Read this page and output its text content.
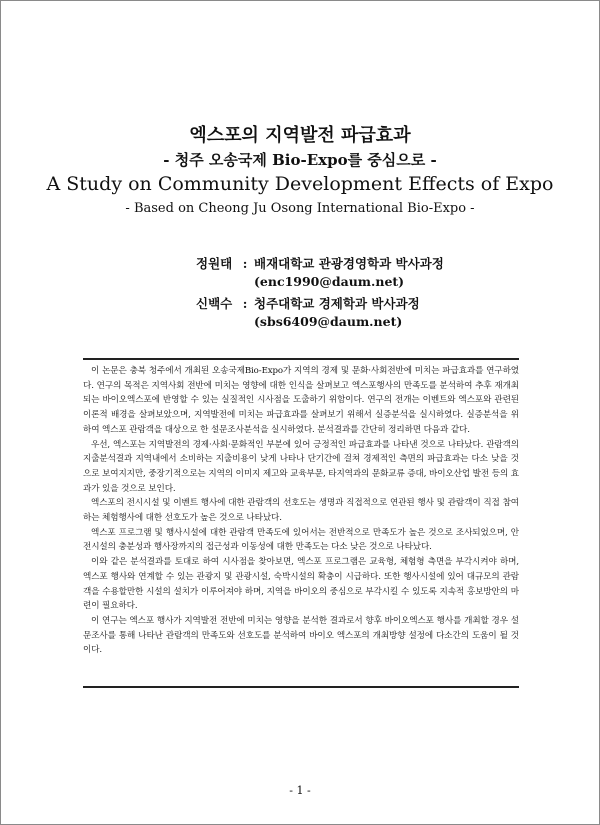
엑스포의 지역발전 파급효과
- 청주 오송국제 Bio-Expo를 중심으로 -
A Study on Community Development Effects of Expo
- Based on Cheong Ju Osong International Bio-Expo -
정원태 : 배재대학교 관광경영학과 박사과정
(enc1990@daum.net)
신백수 : 청주대학교 경제학과 박사과정
(sbs6409@daum.net)

이 논문은 충북 청주에서 개최된 오송국제Bio-Expo가 지역의 경제 및 문화·사회전반에 미치는 파급효과를 연구하였다. 연구의 목적은 지역사회 전반에 미치는 영향에 대한 인식을 살펴보고 엑스포행사의 만족도를 분석하여 추후 재개최되는 바이오엑스포에 반영할 수 있는 실질적인 시사점을 도출하기 위함이다. 연구의 전개는 이벤트와 엑스포와 관련된 이론적 배경을 살펴보았으며, 지역발전에 미치는 파급효과를 살펴보기 위해서 실증분석을 실시하였다. 실증분석을 위하여 엑스포 관람객을 대상으로 한 설문조사분석을 실시하였다. 분석결과를 간단히 정리하면 다음과 같다.

우선, 엑스포는 지역발전의 경제·사회·문화적인 부분에 있어 긍정적인 파급효과를 나타낸 것으로 나타났다. 관람객의 지출분석결과 지역내에서 소비하는 지출비용이 낮게 나타나 단기간에 걸쳐 경제적인 측면의 파급효과는 다소 낮을 것으로 보여지지만, 중장기적으로는 지역의 이미지 제고와 교육부문, 타지역과의 문화교류 증대, 바이오산업 발전 등의 효과가 있을 것으로 보인다.

엑스포의 전시시설 및 이벤트 행사에 대한 관람객의 선호도는 생명과 직접적으로 연관된 행사 및 관람객이 직접 참여하는 체험행사에 대한 선호도가 높은 것으로 나타났다.

엑스포 프로그램 및 행사시설에 대한 관람객 만족도에 있어서는 전반적으로 만족도가 높은 것으로 조사되었으며, 안전시설의 충분성과 행사장까지의 접근성과 이동성에 대한 만족도는 다소 낮은 것으로 나타났다.

이와 같은 분석결과를 토대로 하여 시사점을 찾아보면, 엑스포 프로그램은 교육형, 체험형 측면을 부각시켜야 하며, 엑스포 행사와 연계할 수 있는 관광지 및 관광시설, 숙박시설의 확충이 시급하다. 또한 행사시설에 있어 대규모의 관람객을 수용할만한 시설의 설치가 이루어져야 하며, 지역을 바이오의 중심으로 부각시킬 수 있도록 지속적 홍보방안의 마련이 필요하다.

이 연구는 엑스포 행사가 지역발전 전반에 미치는 영향을 분석한 결과로서 향후 바이오엑스포 행사를 개최할 경우 설문조사를 통해 나타난 관람객의 만족도와 선호도를 분석하여 바이오 엑스포의 개최방향 설정에 다소간의 도움이 될 것이다.

- 1 -
